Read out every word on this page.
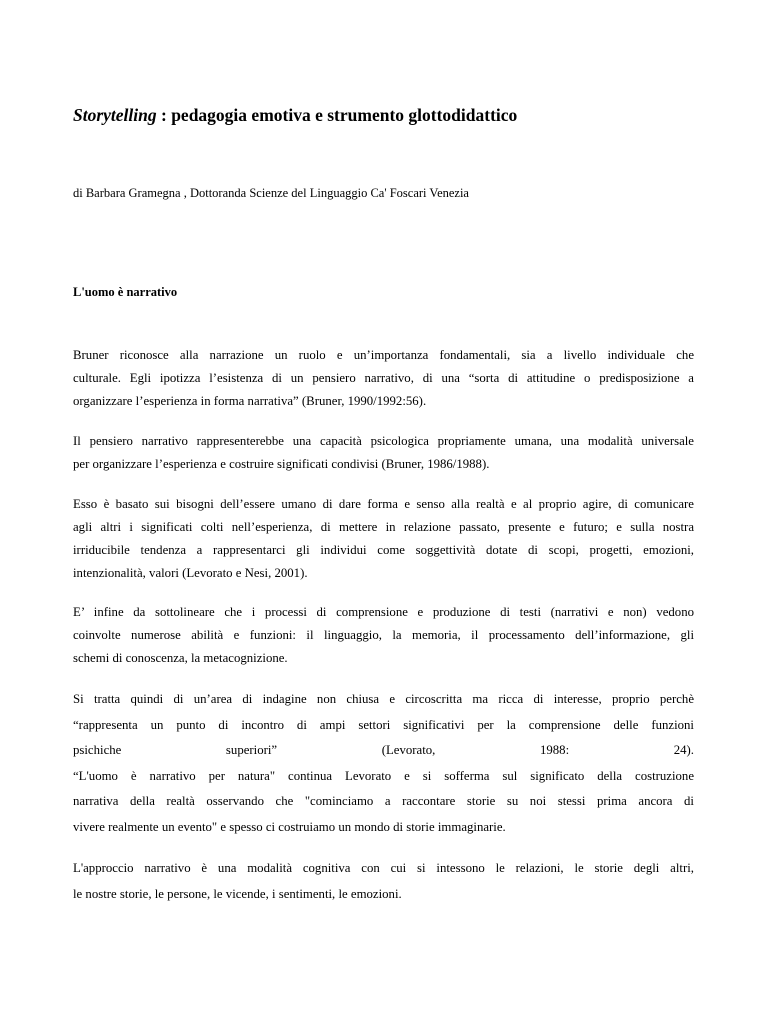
Storytelling : pedagogia emotiva e strumento glottodidattico

di Barbara Gramegna , Dottoranda Scienze del Linguaggio Ca' Foscari Venezia

L'uomo è narrativo

Bruner riconosce alla narrazione un ruolo e un’importanza fondamentali, sia a livello individuale che
culturale. Egli ipotizza l’esistenza di un pensiero narrativo, di una “sorta di attitudine o predisposizione a
organizzare l’esperienza in forma narrativa” (Bruner, 1990/1992:56).

Il pensiero narrativo rappresenterebbe una capacità psicologica propriamente umana, una modalità universale
per organizzare l’esperienza e costruire significati condivisi (Bruner, 1986/1988).

Esso è basato sui bisogni dell’essere umano di dare forma e senso alla realtà e al proprio agire, di comunicare
agli altri i significati colti nell’esperienza, di mettere in relazione passato, presente e futuro; e sulla nostra
irriducibile tendenza a rappresentarci gli individui come soggettività dotate di scopi, progetti, emozioni,
intenzionalità, valori (Levorato e Nesi, 2001).

E’ infine da sottolineare che i processi di comprensione e produzione di testi (narrativi e non) vedono
coinvolte numerose abilità e funzioni: il linguaggio, la memoria, il processamento dell’informazione, gli
schemi di conoscenza, la metacognizione.

Si tratta quindi di un’area di indagine non chiusa e circoscritta ma ricca di interesse, proprio perchè
“rappresenta un punto di incontro di ampi settori significativi per la comprensione delle funzioni
psichiche superiori” (Levorato, 1988: 24).
“L'uomo è narrativo per natura" continua Levorato e si sofferma sul significato della costruzione
narrativa della realtà osservando che "cominciamo a raccontare storie su noi stessi prima ancora di
vivere realmente un evento" e spesso ci costruiamo un mondo di storie immaginarie.

L'approccio narrativo è una modalità cognitiva con cui si intessono le relazioni, le storie degli altri,
le nostre storie, le persone, le vicende, i sentimenti, le emozioni.
